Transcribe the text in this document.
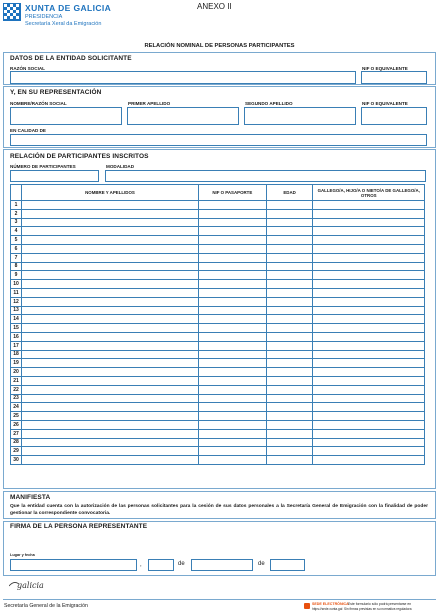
XUNTA DE GALICIA
PRESIDENCIA
Secretaría Xeral da Emigración
ANEXO II
RELACIÓN NOMINAL DE PERSONAS PARTICIPANTES
DATOS DE LA ENTIDAD SOLICITANTE
RAZÓN SOCIAL	NIF O EQUIVALENTE
Y, EN SU REPRESENTACIÓN
NOMBRE/RAZÓN SOCIAL	PRIMER APELLIDO	SEGUNDO APELLIDO	NIF O EQUIVALENTE
EN CALIDAD DE
RELACIÓN DE PARTICIPANTES INSCRITOS
NÚMERO DE PARTICIPANTES	MODALIDAD
	NOMBRE Y APELLIDOS	NIF O PASAPORTE	EDAD	GALLEGO/A, HIJO/A O NIETO/A DE GALLEGO/A, OTROS
1				
2				
3				
4				
5				
6				
7				
8				
9				
10				
11				
12				
13				
14				
15				
16				
17				
18				
19				
20				
21				
22				
23				
24				
25				
26				
27				
28				
29				
30				
MANIFIESTA
Que la entidad cuenta con la autorización de las personas solicitantes para la cesión de sus datos personales a la Secretaría General de Emigración con la finalidad de poder gestionar la correspondiente convocatoria.
FIRMA DE LA PERSONA REPRESENTANTE
Lugar y fecha
,	de	de
galicia
Secretaría General de la Emigración	SEDE ELECTRÓNICA Este formulario sólo podrá presentarse en
https://sede.xunta.gal Sin firmas previstas en su normativa reguladora
